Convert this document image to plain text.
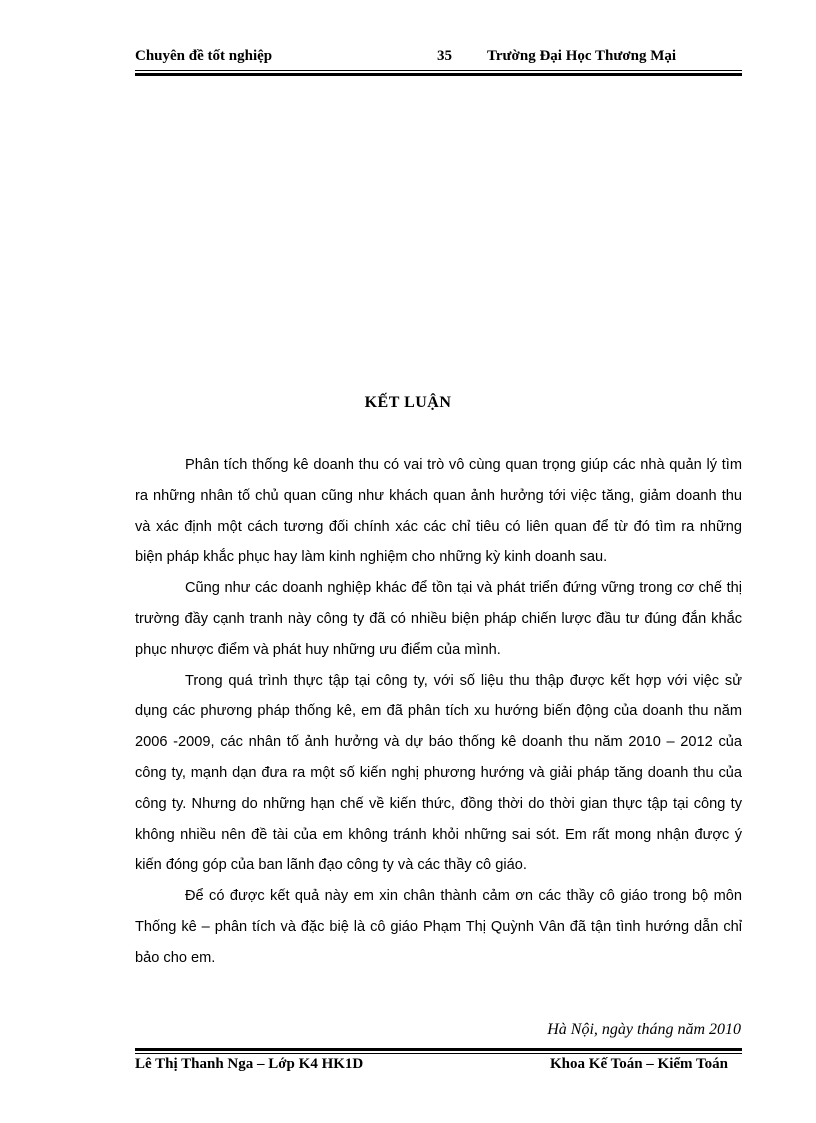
Chuyên đề tốt nghiệp	35 Trường Đại Học Thương Mại
KẾT LUẬN

Phân tích thống kê doanh thu có vai trò vô cùng quan trọng giúp các nhà quản lý tìm ra những nhân tố chủ quan cũng như khách quan ảnh hưởng tới việc tăng, giảm doanh thu và xác định một cách tương đối chính xác các chỉ tiêu có liên quan để từ đó tìm ra những biện pháp khắc phục hay làm kinh nghiệm cho những kỳ kinh doanh sau.

Cũng như các doanh nghiệp khác để tồn tại và phát triển đứng vững trong cơ chế thị trường đầy cạnh tranh này công ty đã có nhiều biện pháp chiến lược đầu tư đúng đắn khắc phục nhược điểm và phát huy những ưu điểm của mình.

Trong quá trình thực tập tại công ty, với số liệu thu thập được kết hợp với việc sử dụng các phương pháp thống kê, em đã phân tích xu hướng biến động của doanh thu năm 2006 -2009, các nhân tố ảnh hưởng và dự báo thống kê doanh thu năm 2010 – 2012 của công ty, mạnh dạn đưa ra một số kiến nghị phương hướng và giải pháp tăng doanh thu của công ty. Nhưng do những hạn chế về kiến thức, đồng thời do thời gian thực tập tại công ty không nhiều nên đề tài của em không tránh khỏi những sai sót. Em rất mong nhận được ý kiến đóng góp của ban lãnh đạo công ty và các thầy cô giáo.

Để có được kết quả này em xin chân thành cảm ơn các thầy cô giáo trong bộ môn Thống kê – phân tích và đặc biệ là cô giáo Phạm Thị Quỳnh Vân đã tận tình hướng dẫn chỉ bảo cho em.

Hà Nội, ngày tháng năm 2010
Lê Thị Thanh Nga – Lớp K4 HK1D	Khoa Kế Toán – Kiểm Toán
